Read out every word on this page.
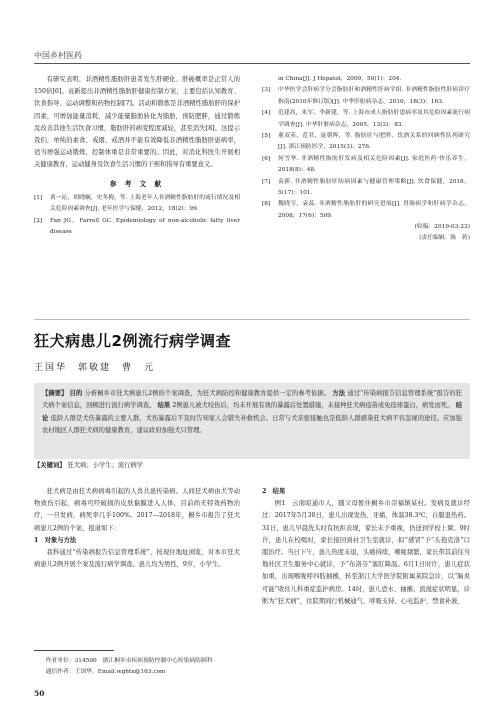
中国乡村医药

有研究表明，非酒精性脂肪肝患者发生肝硬化、肝癌概率是正常人的150倍[6]。袁新提出非酒精性脂肪肝健康控制方案，主要包括认知教育、饮食指导、运动调整和药物控制[7]。活动和锻炼是非酒精性脂肪肝的保护因素，可增加能量消耗，减少能量脂肪转化为脂肪，预防肥胖，通过锻炼及改善其他生活饮食习惯，脂肪肝的病变程度减轻，甚至消失[8]。这提示我们，单纯的素食、戒烟、戒酒并不能有效降低非酒精性脂肪肝患病率，适当增强运动锻炼、控制体重是非常重要的。因此，对消化科医生开展相关健康教育，运动健身及饮食生活习惯的干预和指导有重要意义。

参 考 文 献
[1]	黄一沁，胡晓娴，史冬梅，等. 上海老年人非酒精性脂肪肝的流行情况及相关危险因素调查[J]. 老年医学与保健，2012，18(2)：99.
[2]	Fan JG，Farrell GC. Epidemiology of non-alcoholic fatty liver disease
in China[J]. J Hepatol，2009，50(1)：204.
[3]	中华医学会肝病学分会脂肪肝和酒精性肝病学组. 非酒精性脂肪性肝病诊疗指南(2010年修订版)[J]. 中华肝脏病杂志，2010，18(3)：163.
[4]	范建高，朱军，李新建，等. 上海市成人脂肪肝患病率及其危险因素流行病学调查[J]. 中华肝脏病杂志，2005，13(2)：83.
[5]	董双英，范君，庞朝晖，等. 脂肪肝与肥胖、饮酒关系的回顾性队列研究[J]. 浙江预防医学，2015(3)：276.
[6]	何雪华. 非酒精性脂肪肝发病及相关危险因素[J]. 家庭医药·快乐养生，2018(8)：48.
[7]	袁新. 非酒精性脂肪肝防病因素与健康管理策略[J]. 饮食保健，2018，5(17)：101.
[8]	魏晓岑，袁蕊. 非酒精性脂肪肝的研究进展[J]. 胃肠病学和肝病学杂志，2008，17(6)：509.
(收稿：2019-03-23)
(责任编辑：陈　蒋)
狂犬病患儿2例流行病学调查
王国华　郭敏建　曹　元
【摘要】 目的 分析桐乡市狂犬病患儿2例的个案调查，为狂犬病防控和健康教育提供一定的参考依据。 方法 通过“传染病报告信息管理系统”报告的狂犬病个案信息，回顾进行流行病学调查。 结果 2例患儿被犬咬伤后，均未开展有效的暴露后处置措施，未接种狂犬病疫苗或免疫球蛋白，病发而死。 结论 低龄人群是犬伤暴露的主要人群，犬伤暴露后不及时告知家人会错失补救机会。日常与犬亲密接触也是低龄人群感染狂犬病不容忽视的途径。应加强农村地区人群狂犬病的健康教育，建议政府加强犬只管理。
【关键词】 狂犬病；小学生；流行病学

狂犬病是由狂犬病病毒引起的人兽共患传染病。人间狂犬病由犬等动物致伤引起，病毒可经破损的皮肤黏膜进入人体，目前尚无特效药物治疗，一旦发病，病死率几乎100%。2017—2018年，桐乡市报告了狂犬病患儿2例的个案，报道如下：

1　对象与方法

我科通过“传染病报告信息管理系统”，按现住地址浏览，对本市狂犬病患儿2例开展个案及流行病学调查。患儿均为男性，9岁，小学生。

作者单位：314500　浙江桐乡市疾病预防控制中心传染病防制科

通信作者：王国华，Email:wghtx@163.com

2　结果

例1　云南昭通市人，随父母暂住桐乡市崇福镇某村。发病及就诊经过：2017年5月30日，患儿出现发热、牙痛，体温38.3℃，自服退热药。31日，患儿早晨洗头时有抗拒表现，家长未予重视，仍送到学校上课。9时许，患儿在校喝时，家长接回到村卫生室就诊，拟“感冒”予“头孢克洛”口服治疗。当日下午，患儿热度未退，头痛持续，喉咙频繁，家长带其前往当地社区卫生服务中心就诊，予“布洛芬”塞肛降温。6月1日时许，患儿症状加重，出现喉咙呼四肢抽搐，转至浙江大学医学院附属某院急诊，以“脑炎可能”收住儿科重症监护病房。14时，患儿恐水、抽搐、流涎症状明显，诊断为“狂犬病”，住院期间行机械通气、呼吸支持、心电监护、禁食补液、

50
